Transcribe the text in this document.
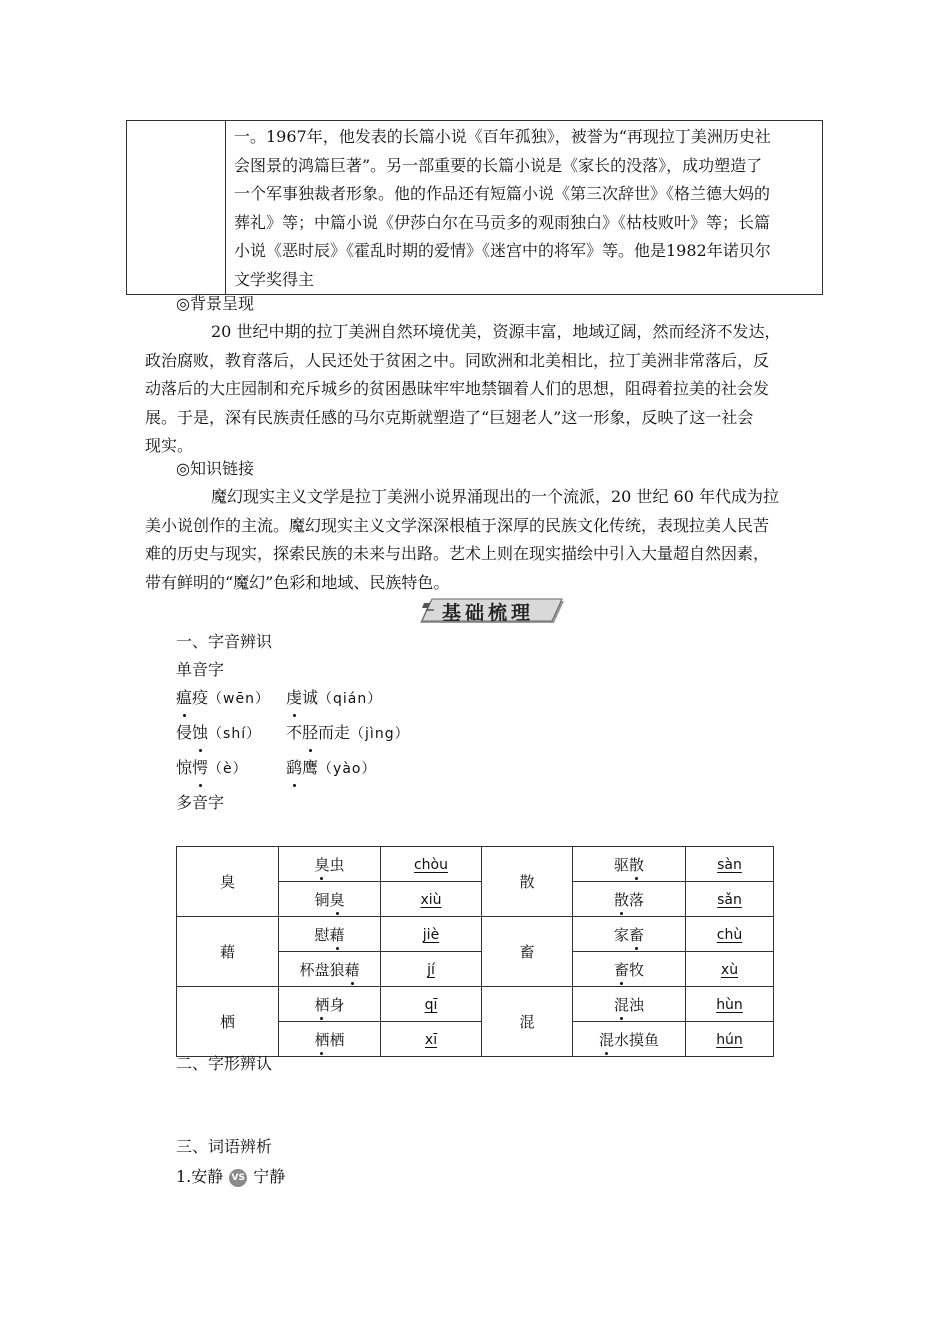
一。1967年，他发表的长篇小说《百年孤独》，被誉为“再现拉丁美洲历史社
会图景的鸿篇巨著”。另一部重要的长篇小说是《家长的没落》，成功塑造了
一个军事独裁者形象。他的作品还有短篇小说《第三次辞世》《格兰德大妈的
葬礼》等；中篇小说《伊莎白尔在马贡多的观雨独白》《枯枝败叶》等；长篇
小说《恶时辰》《霍乱时期的爱情》《迷宫中的将军》等。他是1982年诺贝尔
文学奖得主
◎背景呈现
20 世纪中期的拉丁美洲自然环境优美，资源丰富，地域辽阔，然而经济不发达，
政治腐败，教育落后，人民还处于贫困之中。同欧洲和北美相比，拉丁美洲非常落后，反
动落后的大庄园制和充斥城乡的贫困愚昧牢牢地禁锢着人们的思想，阻碍着拉美的社会发
展。于是，深有民族责任感的马尔克斯就塑造了“巨翅老人”这一形象，反映了这一社会
现实。
◎知识链接
魔幻现实主义文学是拉丁美洲小说界涌现出的一个流派，20 世纪 60 年代成为拉
美小说创作的主流。魔幻现实主义文学深深根植于深厚的民族文化传统，表现拉美人民苦
难的历史与现实，探索民族的未来与出路。艺术上则在现实描绘中引入大量超自然因素，
带有鲜明的“魔幻”色彩和地域、民族特色。
基础梳理
一、字音辨识
单音字
瘟疫（wēn） 虔诚（qián）
侵蚀（shí） 不胫而走（jìng）
惊愕（è） 鹞鹰（yào）
多音字
臭	臭虫	chòu	散	驱散	sàn
	铜臭	xiù		散落	sǎn
藉	慰藉	jiè	畜	家畜	chù
	杯盘狼藉	jí		畜牧	xù
栖	栖身	qī	混	混浊	hùn
	栖栖	xī		混水摸鱼	hún
二、字形辨认
三、词语辨析
1.安静 VS 宁静
